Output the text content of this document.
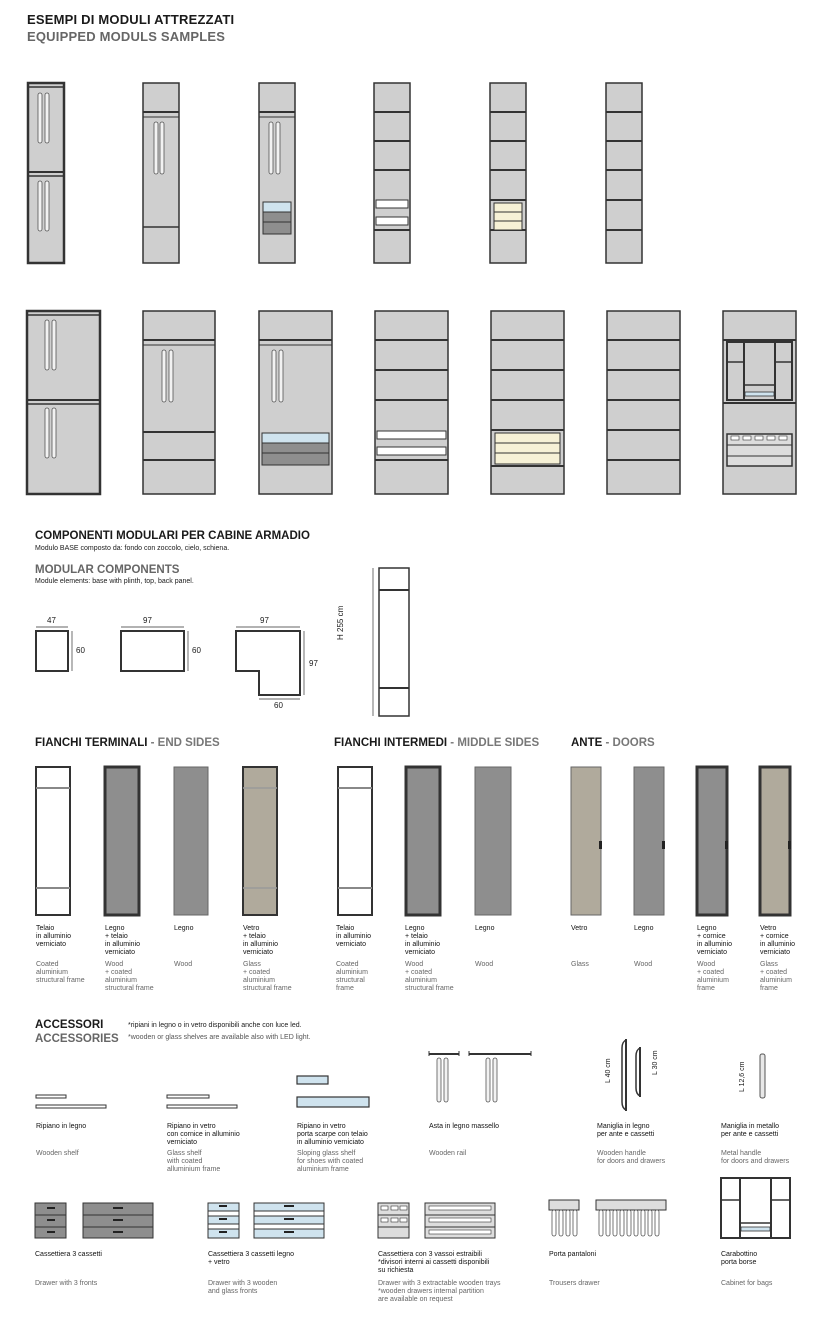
ESEMPI DI MODULI ATTREZZATI
EQUIPPED MODULS SAMPLES
COMPONENTI MODULARI PER CABINE ARMADIO
Modulo BASE composto da: fondo con zoccolo, cielo, schiena.
MODULAR COMPONENTS
Module elements: base with plinth, top, back panel.
47
60
97
60
97
97
60
H 255 cm
FIANCHI TERMINALI - END SIDES	FIANCHI INTERMEDI - MIDDLE SIDES	ANTE - DOORS
Telaio
in alluminio
verniciato
Coated
aluminium
structural frame
Legno
+ telaio
in alluminio
verniciato
Wood
+ coated
aluminium
structural frame
Legno
Wood
Vetro
+ telaio
in alluminio
verniciato
Glass
+ coated
aluminium
structural frame
Telaio
in alluminio
verniciato
Coated
aluminium
structural
frame
Legno
+ telaio
in alluminio
verniciato
Wood
+ coated
aluminium
structural frame
Legno
Wood
Vetro
Glass
Legno
Wood
Legno
+ cornice
in alluminio
verniciato
Wood
+ coated
aluminium
frame
Vetro
+ cornice
in alluminio
verniciato
Glass
+ coated
aluminium
frame
ACCESSORI
ACCESSORIES
*ripiani in legno o in vetro disponibili anche con luce led.
*wooden or glass shelves are available also with LED light.
L 40 cm	L 30 cm	L 12,6 cm
Ripiano in legno
Wooden shelf
Ripiano in vetro
con cornice in alluminio
verniciato
Glass shelf
with coated
alluminium frame
Ripiano in vetro
porta scarpe con telaio
in alluminio verniciato
Sloping glass shelf
for shoes with coated
aluminium frame
Asta in legno massello
Wooden rail
Maniglia in legno
per ante e cassetti
Wooden handle
for doors and drawers
Maniglia in metallo
per ante e cassetti
Metal handle
for doors and drawers
Cassettiera 3 cassetti
Drawer with 3 fronts
Cassettiera 3 cassetti legno
+ vetro
Drawer with 3 wooden
and glass fronts
Cassettiera con 3 vassoi estraibili
*divisori interni ai cassetti disponibili
su richiesta
Drawer with 3 extractable wooden trays
*wooden drawers internal partition
are available on request
Porta pantaloni
Trousers drawer
Carabottino
porta borse
Cabinet for bags
